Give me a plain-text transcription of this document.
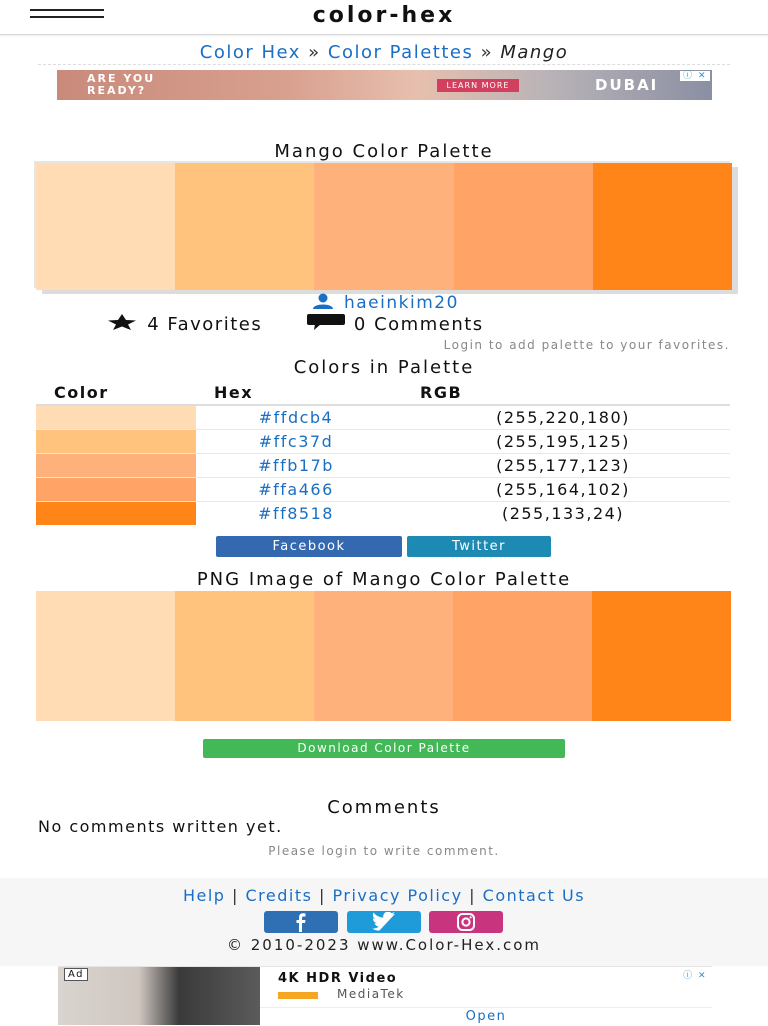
color-hex
Color Hex » Color Palettes » Mango
ARE YOU
READY?	LEARN MORE	DUBAI	ⓘ ✕
Mango Color Palette
haeinkim20
4 Favorites	0 Comments
Login to add palette to your favorites.
Colors in Palette
Color	Hex	RGB
	#ffdcb4	(255,220,180)
	#ffc37d	(255,195,125)
	#ffb17b	(255,177,123)
	#ffa466	(255,164,102)
	#ff8518	(255,133,24)
Facebook	Twitter
PNG Image of Mango Color Palette
Download Color Palette
Comments
No comments written yet.
Please login to write comment.
Help | Credits | Privacy Policy | Contact Us
© 2010-2023 www.Color-Hex.com
Ad	4K HDR Video
MediaTek
Open
ⓘ ✕
